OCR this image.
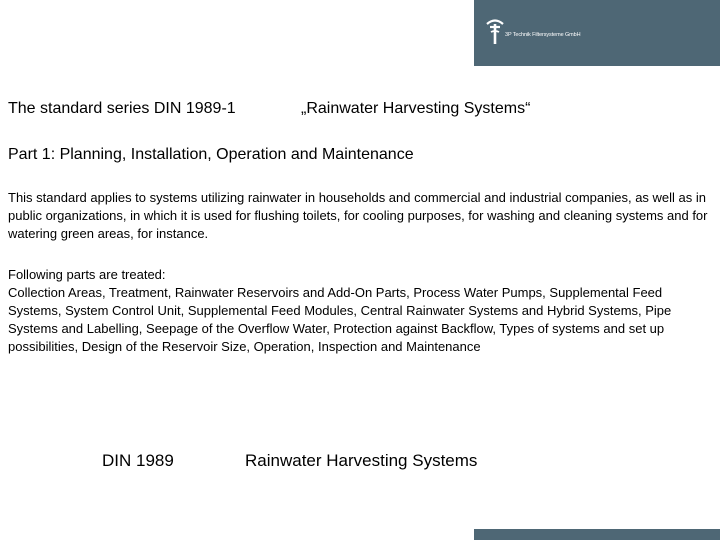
3P Technik Filtersysteme GmbH
The standard series DIN 1989-1	„Rainwater Harvesting Systems“
Part 1: Planning, Installation, Operation and Maintenance
This standard applies to systems utilizing rainwater in households and commercial and industrial companies, as well as in public organizations, in which it is used for flushing toilets, for cooling purposes, for washing and cleaning systems and for watering green areas, for instance.
Following parts are treated:
Collection Areas, Treatment, Rainwater Reservoirs and Add-On Parts, Process Water Pumps, Supplemental Feed Systems, System Control Unit, Supplemental Feed Modules, Central Rainwater Systems and Hybrid Systems, Pipe Systems and Labelling, Seepage of the Overflow Water, Protection against Backflow, Types of systems and set up possibilities, Design of the Reservoir Size, Operation, Inspection and Maintenance
DIN 1989	Rainwater Harvesting Systems
